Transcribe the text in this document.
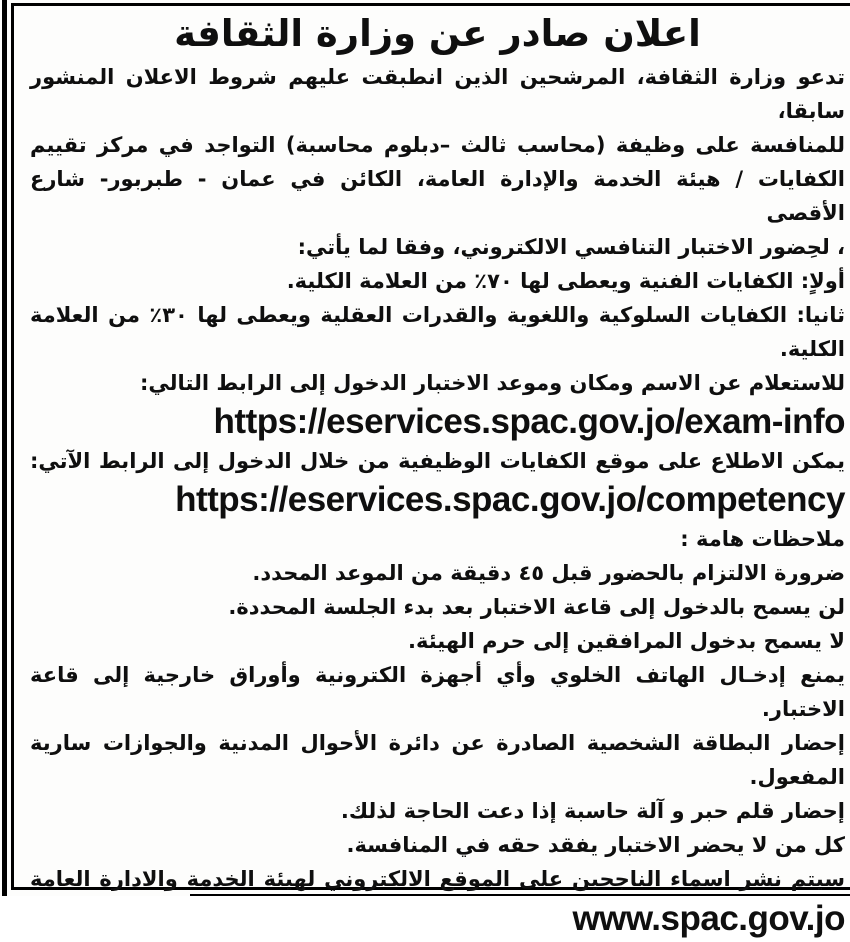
اعلان صادر عن وزارة الثقافة
تدعو وزارة الثقافة، المرشحين الذين انطبقت عليهم شروط الاعلان المنشور سابقا،
للمنافسة على وظيفة (محاسب ثالث –دبلوم محاسبة) التواجد في مركز تقييم
الكفايات / هيئة الخدمة والإدارة العامة، الكائن في عمان - طبربور- شارع الأقصى
، لحِضور الاختبار التنافسي الالكتروني، وفقا لما يأتي:
أولاٍ: الكفايات الفنية ويعطى لها ٧٠٪ من العلامة الكلية.
ثانيا: الكفايات السلوكية واللغوية والقدرات العقلية ويعطى لها ٣٠٪ من العلامة
الكلية.
للاستعلام عن الاسم ومكان وموعد الاختبار الدخول إلى الرابط التالي:
https://eservices.spac.gov.jo/exam-info
يمكن الاطلاع على موقع الكفايات الوظيفية من خلال الدخول إلى الرابط الآتي:
https://eservices.spac.gov.jo/competency
ملاحظات هامة :
ضرورة الالتزام بالحضور قبل ٤٥ دقيقة من الموعد المحدد.
لن يسمح بالدخول إلى قاعة الاختبار بعد بدء الجلسة المحددة.
لا يسمح بدخول المرافقين إلى حرم الهيئة.
يمنع إدخـال الهاتف الخلوي وأي أجهزة الكترونية وأوراق خارجية إلى قاعة
الاختبار.
إحضار البطاقة الشخصية الصادرة عن دائرة الأحوال المدنية والجوازات سارية
المفعول.
إحضار قلم حبر و آلة حاسبة إذا دعت الحاجة لذلك.
كل من لا يحضر الاختبار يفقد حقه في المنافسة.
سيتم نشر اسماء الناجحين على الموقع الالكتروني لهيئة الخدمة والادارة العامة
www.spac.gov.jo
